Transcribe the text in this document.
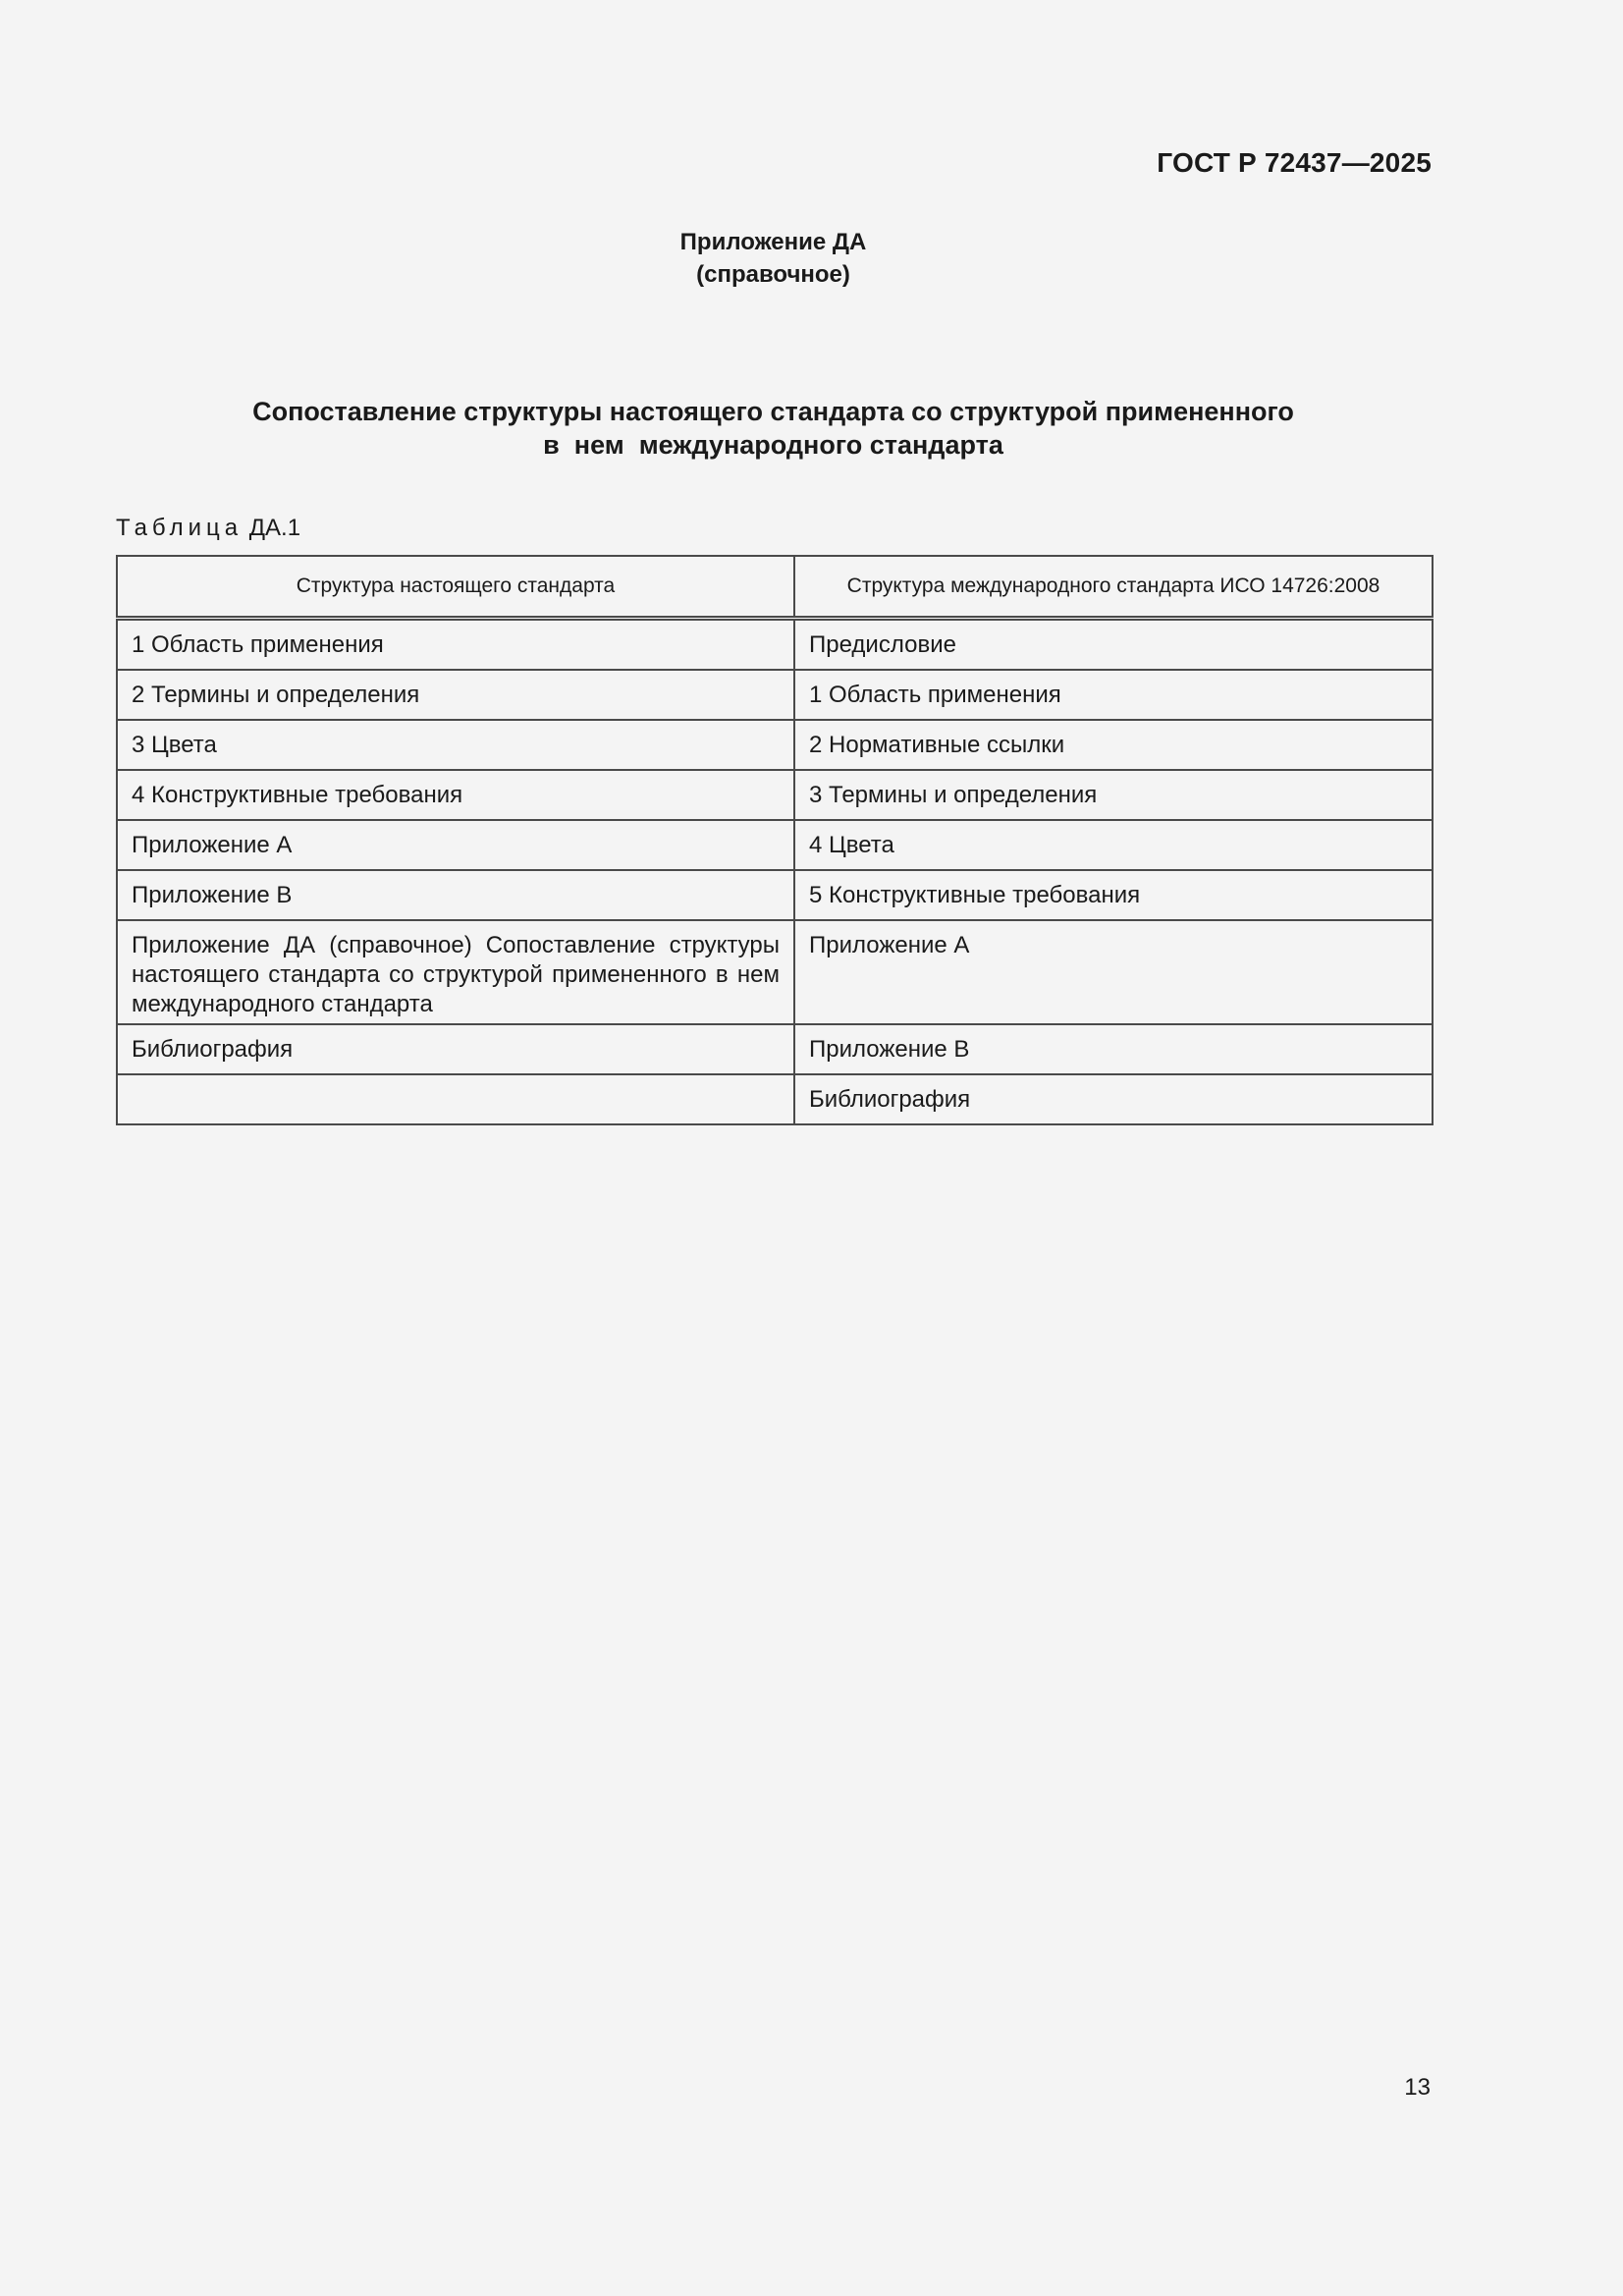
ГОСТ Р 72437—2025
Приложение ДА
(справочное)
Сопоставление структуры настоящего стандарта со структурой примененного
в  нем  международного стандарта
Таблица ДА.1
Структура настоящего стандарта	Структура международного стандарта ИСО 14726:2008
1 Область применения	Предисловие
2 Термины и определения	1 Область применения
3 Цвета	2 Нормативные ссылки
4 Конструктивные требования	3 Термины и определения
Приложение А	4 Цвета
Приложение В	5 Конструктивные требования
Приложение ДА (справочное) Сопоставление структуры настоящего стандарта со структурой примененного в нем международного стандарта	Приложение А
Библиография	Приложение В
	Библиография
13
